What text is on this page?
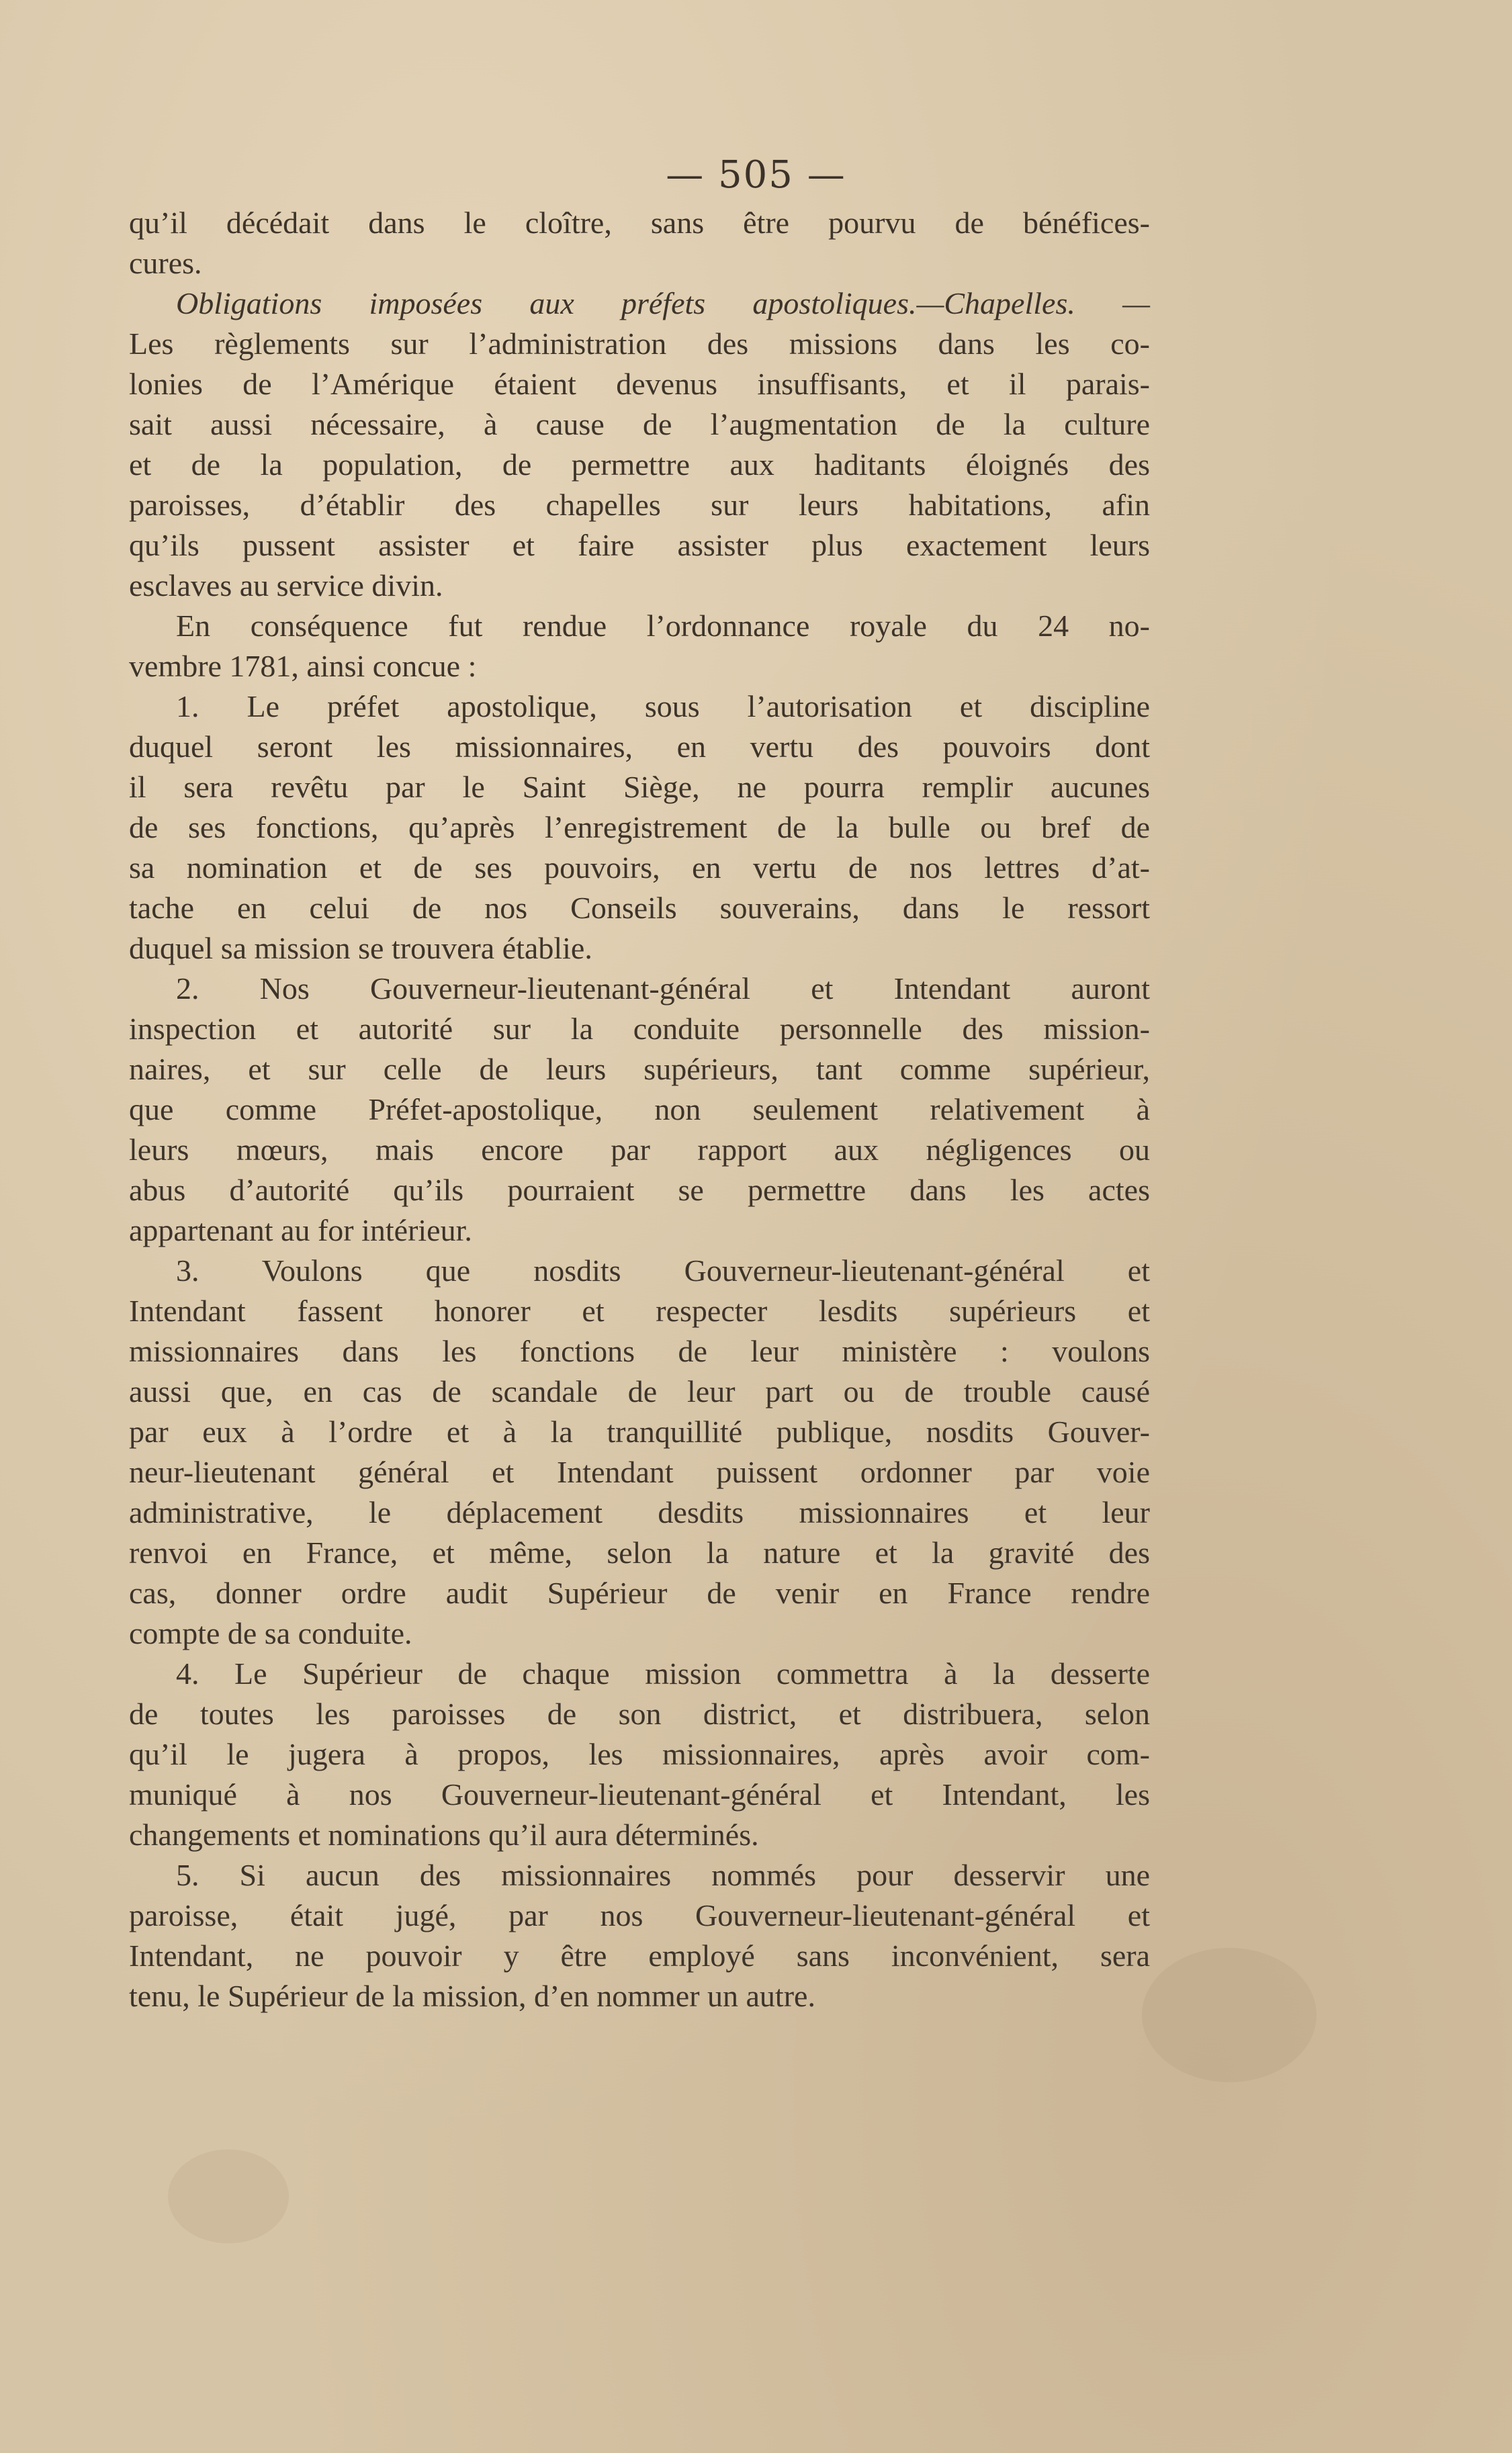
— 505 —
qu’il décédait dans le cloître, sans être pourvu de bénéfices-
cures.
Obligations imposées aux préfets apostoliques.—Chapelles. —
Les règlements sur l’administration des missions dans les co-
lonies de l’Amérique étaient devenus insuffisants, et il parais-
sait aussi nécessaire, à cause de l’augmentation de la culture
et de la population, de permettre aux haditants éloignés des
paroisses, d’établir des chapelles sur leurs habitations, afin
qu’ils pussent assister et faire assister plus exactement leurs
esclaves au service divin.
En conséquence fut rendue l’ordonnance royale du 24 no-
vembre 1781, ainsi concue :
1. Le préfet apostolique, sous l’autorisation et discipline
duquel seront les missionnaires, en vertu des pouvoirs dont
il sera revêtu par le Saint Siège, ne pourra remplir aucunes
de ses fonctions, qu’après l’enregistrement de la bulle ou bref de
sa nomination et de ses pouvoirs, en vertu de nos lettres d’at-
tache en celui de nos Conseils souverains, dans le ressort
duquel sa mission se trouvera établie.
2. Nos Gouverneur-lieutenant-général et Intendant auront
inspection et autorité sur la conduite personnelle des mission-
naires, et sur celle de leurs supérieurs, tant comme supérieur,
que comme Préfet-apostolique, non seulement relativement à
leurs mœurs, mais encore par rapport aux négligences ou
abus d’autorité qu’ils pourraient se permettre dans les actes
appartenant au for intérieur.
3. Voulons que nosdits Gouverneur-lieutenant-général et
Intendant fassent honorer et respecter lesdits supérieurs et
missionnaires dans les fonctions de leur ministère : voulons
aussi que, en cas de scandale de leur part ou de trouble causé
par eux à l’ordre et à la tranquillité publique, nosdits Gouver-
neur-lieutenant général et Intendant puissent ordonner par voie
administrative, le déplacement desdits missionnaires et leur
renvoi en France, et même, selon la nature et la gravité des
cas, donner ordre audit Supérieur de venir en France rendre
compte de sa conduite.
4. Le Supérieur de chaque mission commettra à la desserte
de toutes les paroisses de son district, et distribuera, selon
qu’il le jugera à propos, les missionnaires, après avoir com-
muniqué à nos Gouverneur-lieutenant-général et Intendant, les
changements et nominations qu’il aura déterminés.
5. Si aucun des missionnaires nommés pour desservir une
paroisse, était jugé, par nos Gouverneur-lieutenant-général et
Intendant, ne pouvoir y être employé sans inconvénient, sera
tenu, le Supérieur de la mission, d’en nommer un autre.
